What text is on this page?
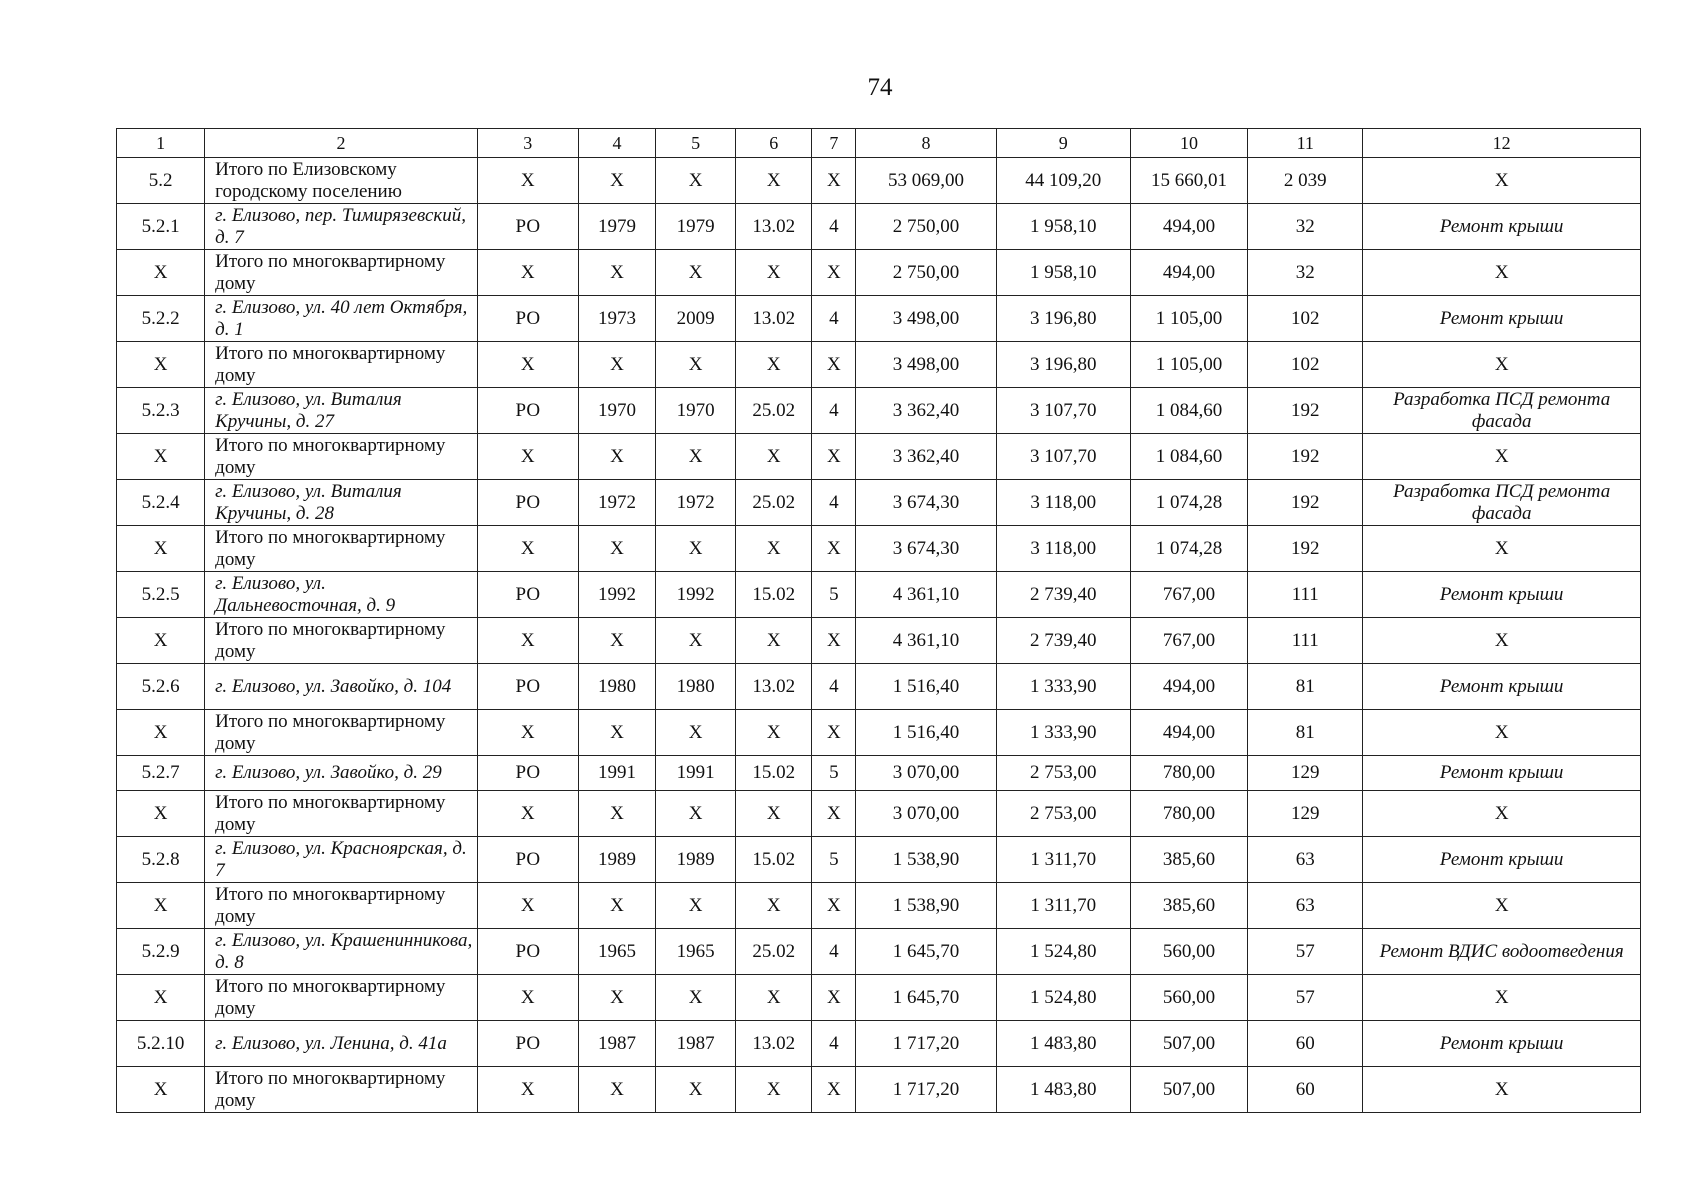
74
1	2	3	4	5	6	7	8	9	10	11	12
5.2	Итого по Елизовскому городскому поселению	X	X	X	X	X	53 069,00	44 109,20	15 660,01	2 039	X
5.2.1	г. Елизово, пер. Тимирязевский, д. 7	РО	1979	1979	13.02	4	2 750,00	1 958,10	494,00	32	Ремонт крыши
X	Итого по многоквартирному дому	X	X	X	X	X	2 750,00	1 958,10	494,00	32	X
5.2.2	г. Елизово, ул. 40 лет Октября, д. 1	РО	1973	2009	13.02	4	3 498,00	3 196,80	1 105,00	102	Ремонт крыши
X	Итого по многоквартирному дому	X	X	X	X	X	3 498,00	3 196,80	1 105,00	102	X
5.2.3	г. Елизово, ул. Виталия Кручины, д. 27	РО	1970	1970	25.02	4	3 362,40	3 107,70	1 084,60	192	Разработка ПСД ремонта фасада
X	Итого по многоквартирному дому	X	X	X	X	X	3 362,40	3 107,70	1 084,60	192	X
5.2.4	г. Елизово, ул. Виталия Кручины, д. 28	РО	1972	1972	25.02	4	3 674,30	3 118,00	1 074,28	192	Разработка ПСД ремонта фасада
X	Итого по многоквартирному дому	X	X	X	X	X	3 674,30	3 118,00	1 074,28	192	X
5.2.5	г. Елизово, ул. Дальневосточная, д. 9	РО	1992	1992	15.02	5	4 361,10	2 739,40	767,00	111	Ремонт крыши
X	Итого по многоквартирному дому	X	X	X	X	X	4 361,10	2 739,40	767,00	111	X
5.2.6	г. Елизово, ул. Завойко, д. 104	РО	1980	1980	13.02	4	1 516,40	1 333,90	494,00	81	Ремонт крыши
X	Итого по многоквартирному дому	X	X	X	X	X	1 516,40	1 333,90	494,00	81	X
5.2.7	г. Елизово, ул. Завойко, д. 29	РО	1991	1991	15.02	5	3 070,00	2 753,00	780,00	129	Ремонт крыши
X	Итого по многоквартирному дому	X	X	X	X	X	3 070,00	2 753,00	780,00	129	X
5.2.8	г. Елизово, ул. Красноярская, д. 7	РО	1989	1989	15.02	5	1 538,90	1 311,70	385,60	63	Ремонт крыши
X	Итого по многоквартирному дому	X	X	X	X	X	1 538,90	1 311,70	385,60	63	X
5.2.9	г. Елизово, ул. Крашенинникова, д. 8	РО	1965	1965	25.02	4	1 645,70	1 524,80	560,00	57	Ремонт ВДИС водоотведения
X	Итого по многоквартирному дому	X	X	X	X	X	1 645,70	1 524,80	560,00	57	X
5.2.10	г. Елизово, ул. Ленина, д. 41а	РО	1987	1987	13.02	4	1 717,20	1 483,80	507,00	60	Ремонт крыши
X	Итого по многоквартирному дому	X	X	X	X	X	1 717,20	1 483,80	507,00	60	X
